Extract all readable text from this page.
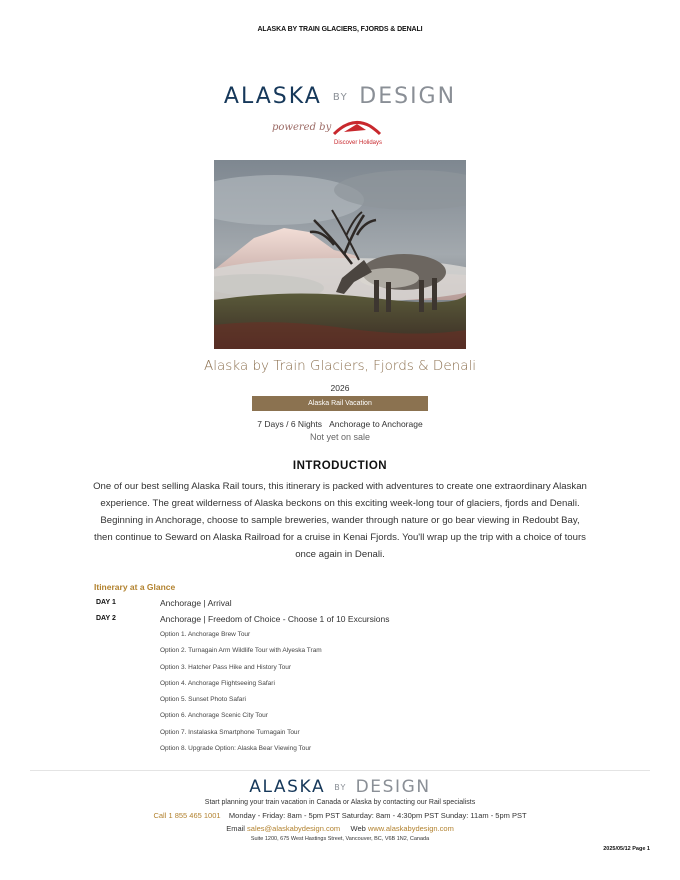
ALASKA BY TRAIN GLACIERS, FJORDS & DENALI
ALASKA BY DESIGN
powered by
Discover Holidays
Alaska by Train Glaciers, Fjords & Denali
2026
Alaska Rail Vacation
7 Days / 6 Nights Anchorage to Anchorage
Not yet on sale
INTRODUCTION
One of our best selling Alaska Rail tours, this itinerary is packed with adventures to create one extraordinary Alaskan experience. The great wilderness of Alaska beckons on this exciting week-long tour of glaciers, fjords and Denali. Beginning in Anchorage, choose to sample breweries, wander through nature or go bear viewing in Redoubt Bay, then continue to Seward on Alaska Railroad for a cruise in Kenai Fjords. You'll wrap up the trip with a choice of tours once again in Denali.
Itinerary at a Glance
DAY 1	Anchorage | Arrival
DAY 2	Anchorage | Freedom of Choice - Choose 1 of 10 Excursions
Option 1. Anchorage Brew Tour
Option 2. Turnagain Arm Wildlife Tour with Alyeska Tram
Option 3. Hatcher Pass Hike and History Tour
Option 4. Anchorage Flightseeing Safari
Option 5. Sunset Photo Safari
Option 6. Anchorage Scenic City Tour
Option 7. Instalaska Smartphone Turnagain Tour
Option 8. Upgrade Option: Alaska Bear Viewing Tour
ALASKA BY DESIGN
Start planning your train vacation in Canada or Alaska by contacting our Rail specialists
Call 1 855 465 1001 Monday - Friday: 8am - 5pm PST Saturday: 8am - 4:30pm PST Sunday: 11am - 5pm PST
Email sales@alaskabydesign.com Web www.alaskabydesign.com
Suite 1200, 675 West Hastings Street, Vancouver, BC, V6B 1N2, Canada
2025/05/12 Page 1
